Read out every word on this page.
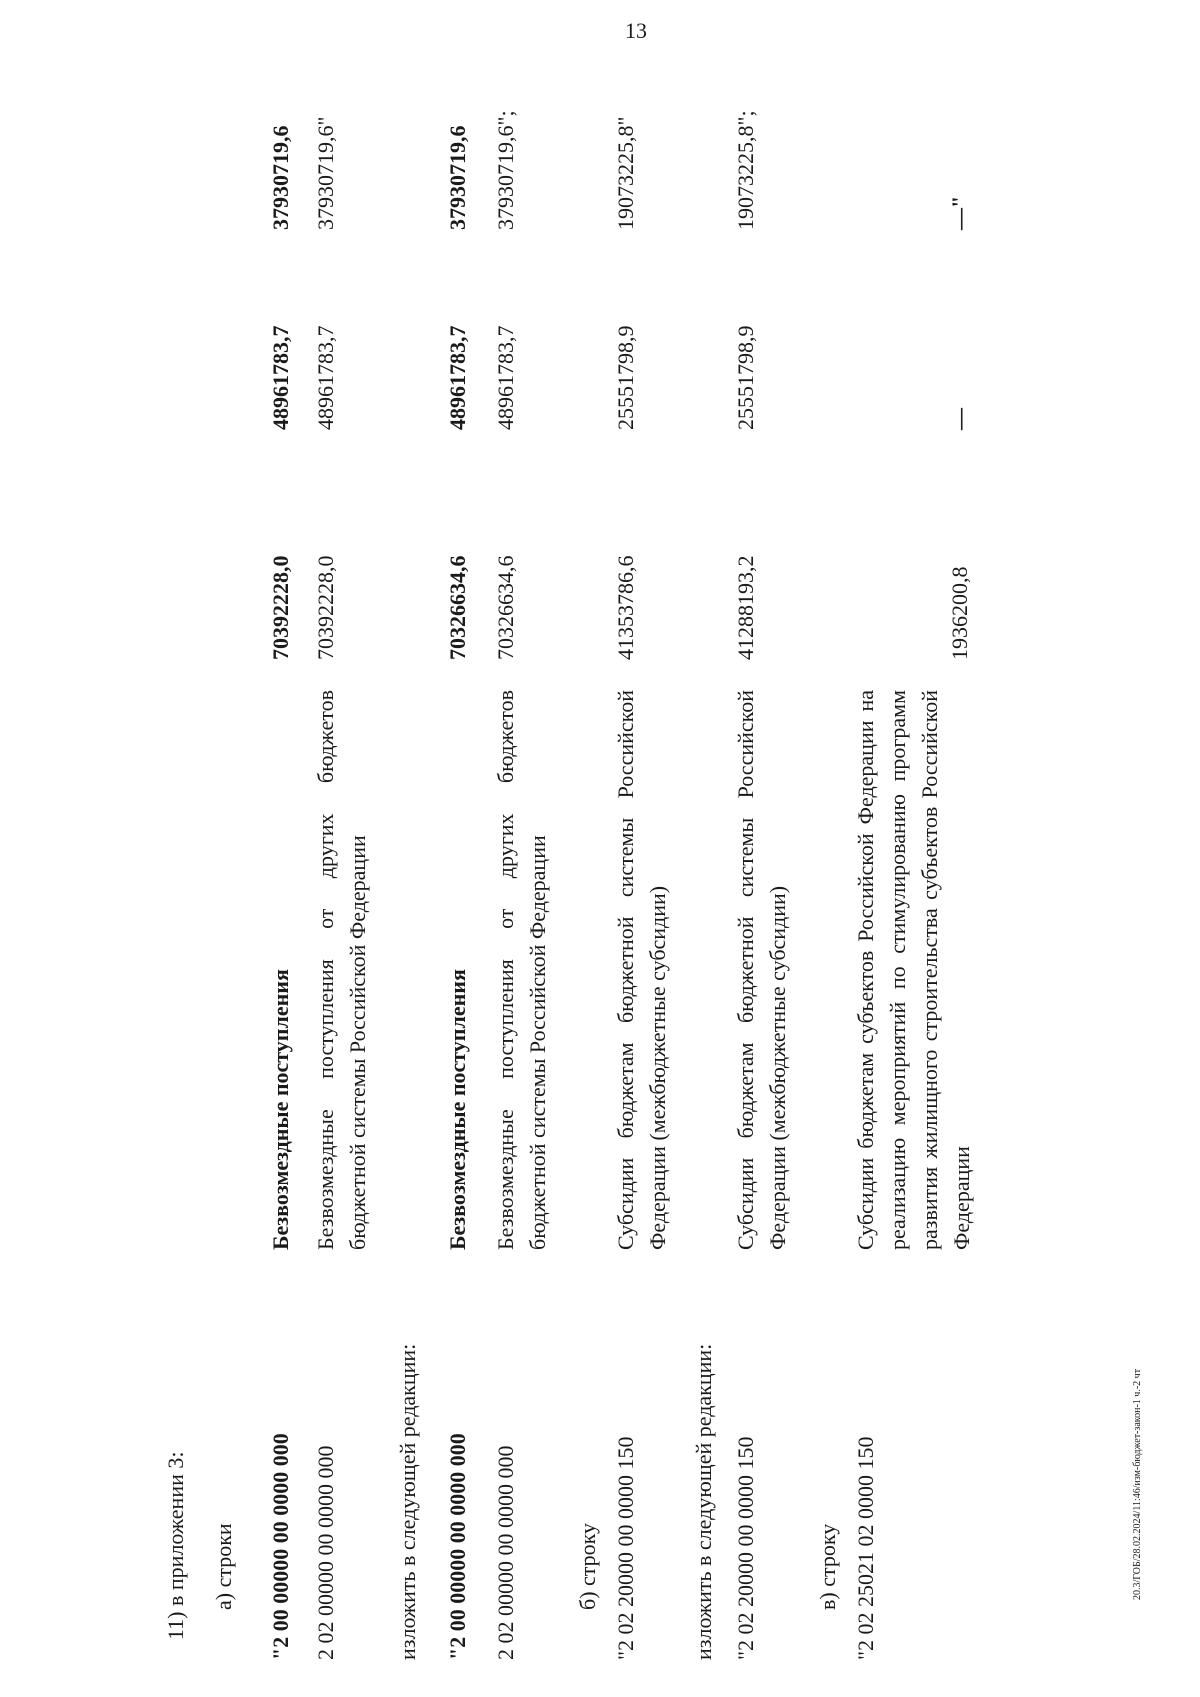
13
20.3/ГОБ/28.02.2024/11:46/изм-бюджет-закон-1 ч.-2 чт
11) в приложении 3: а) строки "2 00 00000 00 0000 000
Безвозмездные поступления
70392228,0
48961783,7
37930719,6
2 02 00000 00 0000 000
Безвозмездные поступления от других бюджетов бюджетной системы Российской Федерации
70392228,0
48961783,7
37930719,6"
изложить в следующей редакции: "2 00 00000 00 0000 000
Безвозмездные поступления
70326634,6
48961783,7
37930719,6
2 02 00000 00 0000 000
Безвозмездные поступления от других бюджетов бюджетной системы Российской Федерации
70326634,6
48961783,7
37930719,6";
б) строку "2 02 20000 00 0000 150
Субсидии бюджетам бюджетной системы Российской Федерации (межбюджетные субсидии)
41353786,6
25551798,9
19073225,8"
изложить в следующей редакции: "2 02 20000 00 0000 150
Субсидии бюджетам бюджетной системы Российской Федерации (межбюджетные субсидии)
41288193,2
25551798,9
19073225,8";
в) строку "2 02 25021 02 0000 150
Субсидии бюджетам субъектов Российской Федерации на реализацию мероприятий по стимулированию программ развития жилищного строительства субъектов Российской Федерации
1936200,8
—
—"
